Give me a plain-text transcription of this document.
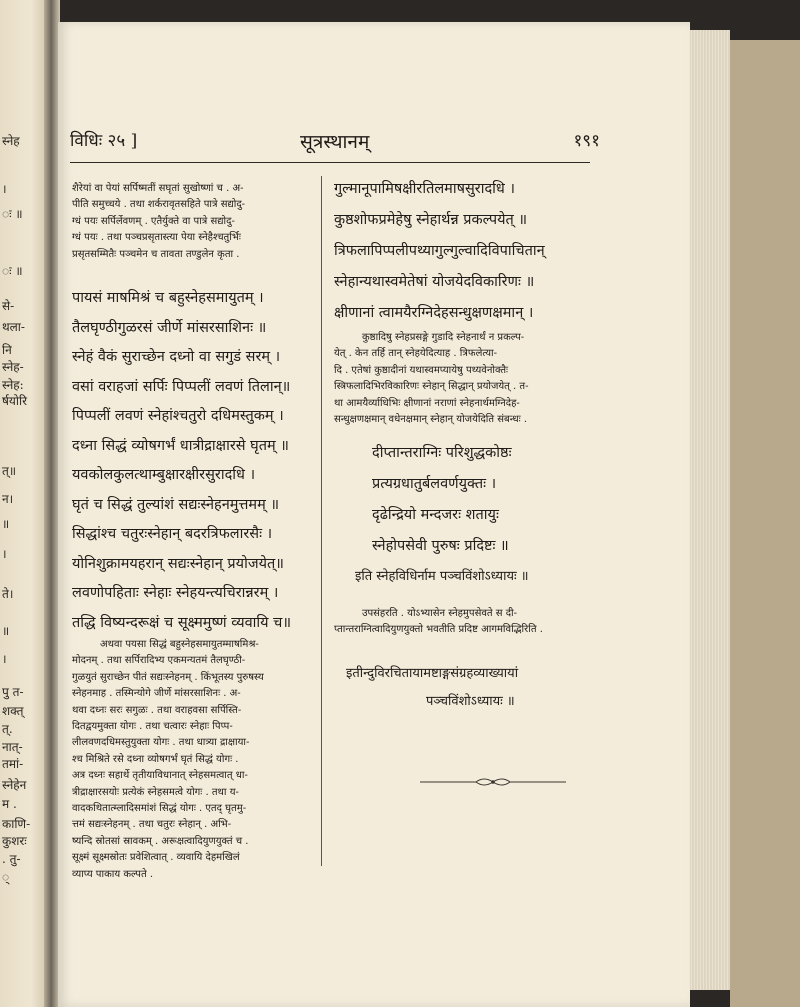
स्नेह
।
ः ॥
ः ॥
से-
थला-
नि
स्नेह-
स्नेह:
र्षयोरि
त्॥
न।
॥
।
ते।
॥
।
पु त-
शक्त्
त्.
नात्-
तमां-
स्नेहेन
म .
काणि-
कुशरः
. तु-
्
विधिः २५ ]	सूत्रस्थानम्	१९१
शैरेयां वा पेयां सर्पिष्मतीं सघृतां सुखोष्णां च . अ-
पीति समुच्चये . तथा शर्करावृतसहिते पात्रे सद्योदु-
ग्धं पयः सर्पिर्लेवणम् . एतैर्युक्ते वा पात्रे सद्योदु-
ग्धं पयः . तथा पञ्चप्रसृतास्त्या पेया स्नेहैश्चतुर्भिः
प्रसृतसम्मितैः पञ्चमेन च तावता तण्डुलेन कृता .
पायसं माषमिश्रं च बहुस्नेहसमायुतम् ।
तैलघृण्ठीगुळरसं जीर्णे मांसरसाशिनः ॥
स्नेहं वैकं सुराच्छेन दध्नो वा सगुडं सरम् ।
वसां वराहजां सर्पिः पिप्पलीं लवणं तिलान्॥
पिप्पलीं लवणं स्नेहांश्चतुरो दधिमस्तुकम् ।
दध्ना सिद्धं व्योषगर्भं धात्रीद्राक्षारसे घृतम् ॥
यवकोलकुलत्थाम्बुक्षारक्षीरसुरादधि ।
घृतं च सिद्धं तुल्यांशं सद्यःस्नेहनमुत्तमम् ॥
सिद्धांश्च चतुरःस्नेहान् बदरत्रिफलारसैः ।
योनिशुक्रामयहरान् सद्यःस्नेहान् प्रयोजयेत्॥
लवणोपहिताः स्नेहाः स्नेहयन्त्यचिरान्नरम् ।
तद्धि विष्यन्दरूक्षं च सूक्ष्ममुष्णं व्यवायि च॥
अथवा पयसा सिद्धं बहुस्नेहसमायुतम्माषमिश्र-
मोदनम् . तथा सर्पिरादिभ्य एकमन्यतमं तैलघृण्ठी-
गुळयुतं सुराच्छेन पीतं सद्यःस्नेहनम् . किंभूतस्य पुरुषस्य
स्नेहनमाह . तस्मिन्योगे जीर्णे मांसरसाशिनः . अ-
थवा दध्नः सरः सगुळः . तथा वराहवसा सर्पिस्ति-
दितद्वयमुक्ता योगः . तथा चत्वारः स्नेहाः पिप्प-
लीलवणदधिमस्तुयुक्ता योगः . तथा धात्र्या द्राक्षाया-
श्च मिश्रिते रसे दध्ना व्योषगर्भं घृतं सिद्धं योगः .
अत्र दध्नः सहार्थे तृतीयाविधानात् स्नेहसमत्वात् धा-
त्रीद्राक्षारसयोः प्रत्येकं स्नेहसमत्वे योगः . तथा य-
वादकथितात्म्लादिसमांशं सिद्धं योगः . एतद् घृतमु-
त्तमं सद्यःस्नेहनम् . तथा चतुरः स्नेहान् . अभि-
ष्यन्दि स्रोतसां स्रावकम् . अरूक्षत्वादियुणयुक्तं च .
सूक्ष्मं सूक्ष्मस्रोतः प्रवेशित्वात् . व्यवायि देहमखिलं
व्याप्य पाकाय कल्पते .
गुल्मानूपामिषक्षीरतिलमाषसुरादधि ।
कुष्ठशोफप्रमेहेषु स्नेहार्थन्न प्रकल्पयेत् ॥
त्रिफलापिप्पलीपथ्यागुल्गुल्वादिविपाचितान्
स्नेहान्यथास्वमेतेषां योजयेदविकारिणः ॥
क्षीणानां त्वामयैरग्निदेहसन्धुक्षणक्षमान् ।
कुष्ठादिषु स्नेहप्रसङ्गे गुडादि स्नेहनार्थं न प्रकल्प-
येत् . केन तर्हि तान् स्नेहयेदित्याह . त्रिफलेत्या-
दि . एतेषां कुष्ठादीनां यथास्वमप्यायेषु पथ्यवेनोक्तैः
स्त्रिफलादिभिरविकारिणः स्नेहान् सिद्धान् प्रयोजयेत् . त-
था आमयैर्व्याधिभिः क्षीणानां नराणां स्नेहनार्थमग्निदेह-
सन्धुक्षणक्षमान् वधेनक्षमान् स्नेहान् योजयेदिति संबन्धः .
दीप्तान्तराग्निः परिशुद्धकोष्ठः
प्रत्यग्रधातुर्बलवर्णयुक्तः ।
दृढेन्द्रियो मन्दजरः शतायुः
स्नेहोपसेवी पुरुषः प्रदिष्टः ॥
इति स्नेहविधिर्नाम पञ्चविंशोऽध्यायः ॥
उपसंहरति . योऽभ्यासेन स्नेहमुपसेवते स दी-
प्तान्तराग्नित्वादियुणयुक्तो भवतीति प्रदिष्ट आगमविद्भिरिति .
इतीन्दुविरचितायामष्टाङ्गसंग्रहव्याख्यायां
पञ्चविंशोऽध्यायः ॥
